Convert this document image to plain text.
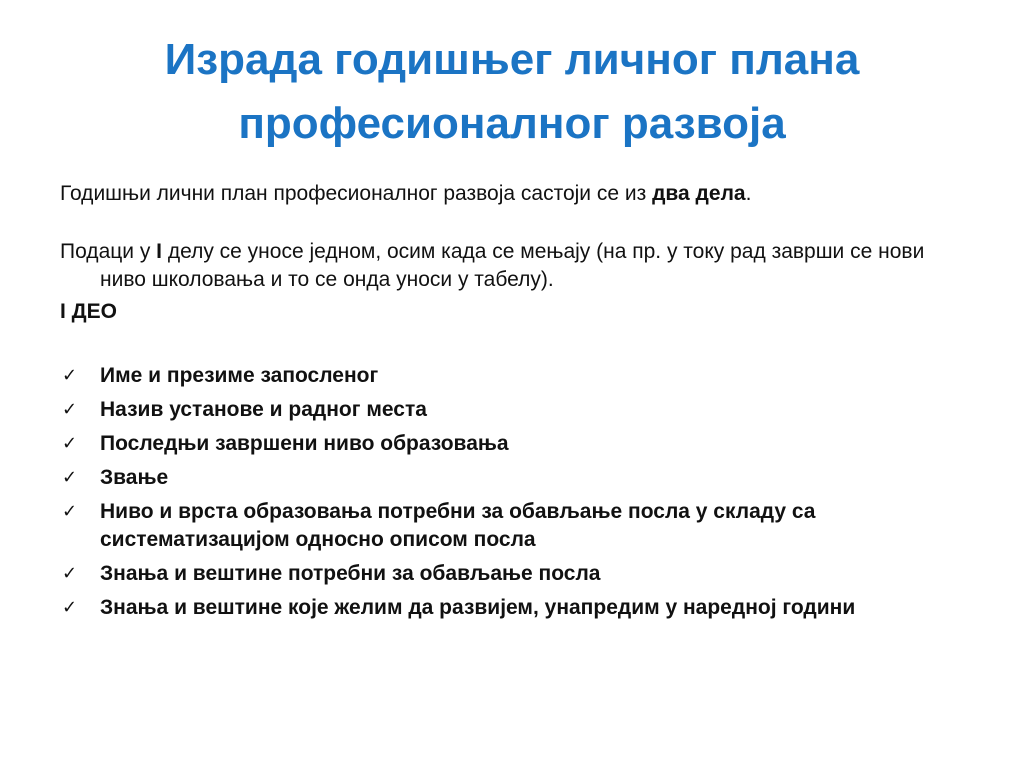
Израда годишњег личног плана
професионалног развоја

Годишњи лични план професионалног развоја састоји се из два дела.

Подаци у I делу се уносе једном, осим када се мењају (на пр. у току рад заврши се нови ниво школовања и то се онда уноси у табелу).

I ДЕО

✓ Име и презиме запосленог
✓ Назив установе и радног места
✓ Последњи завршени ниво образовања
✓ Звање
✓ Ниво и врста образовања потребни за обављање посла у складу са систематизацијом односно описом посла
✓ Знања и вештине потребни за обављање посла
✓ Знања и вештине које желим да развијем, унапредим у наредној години
